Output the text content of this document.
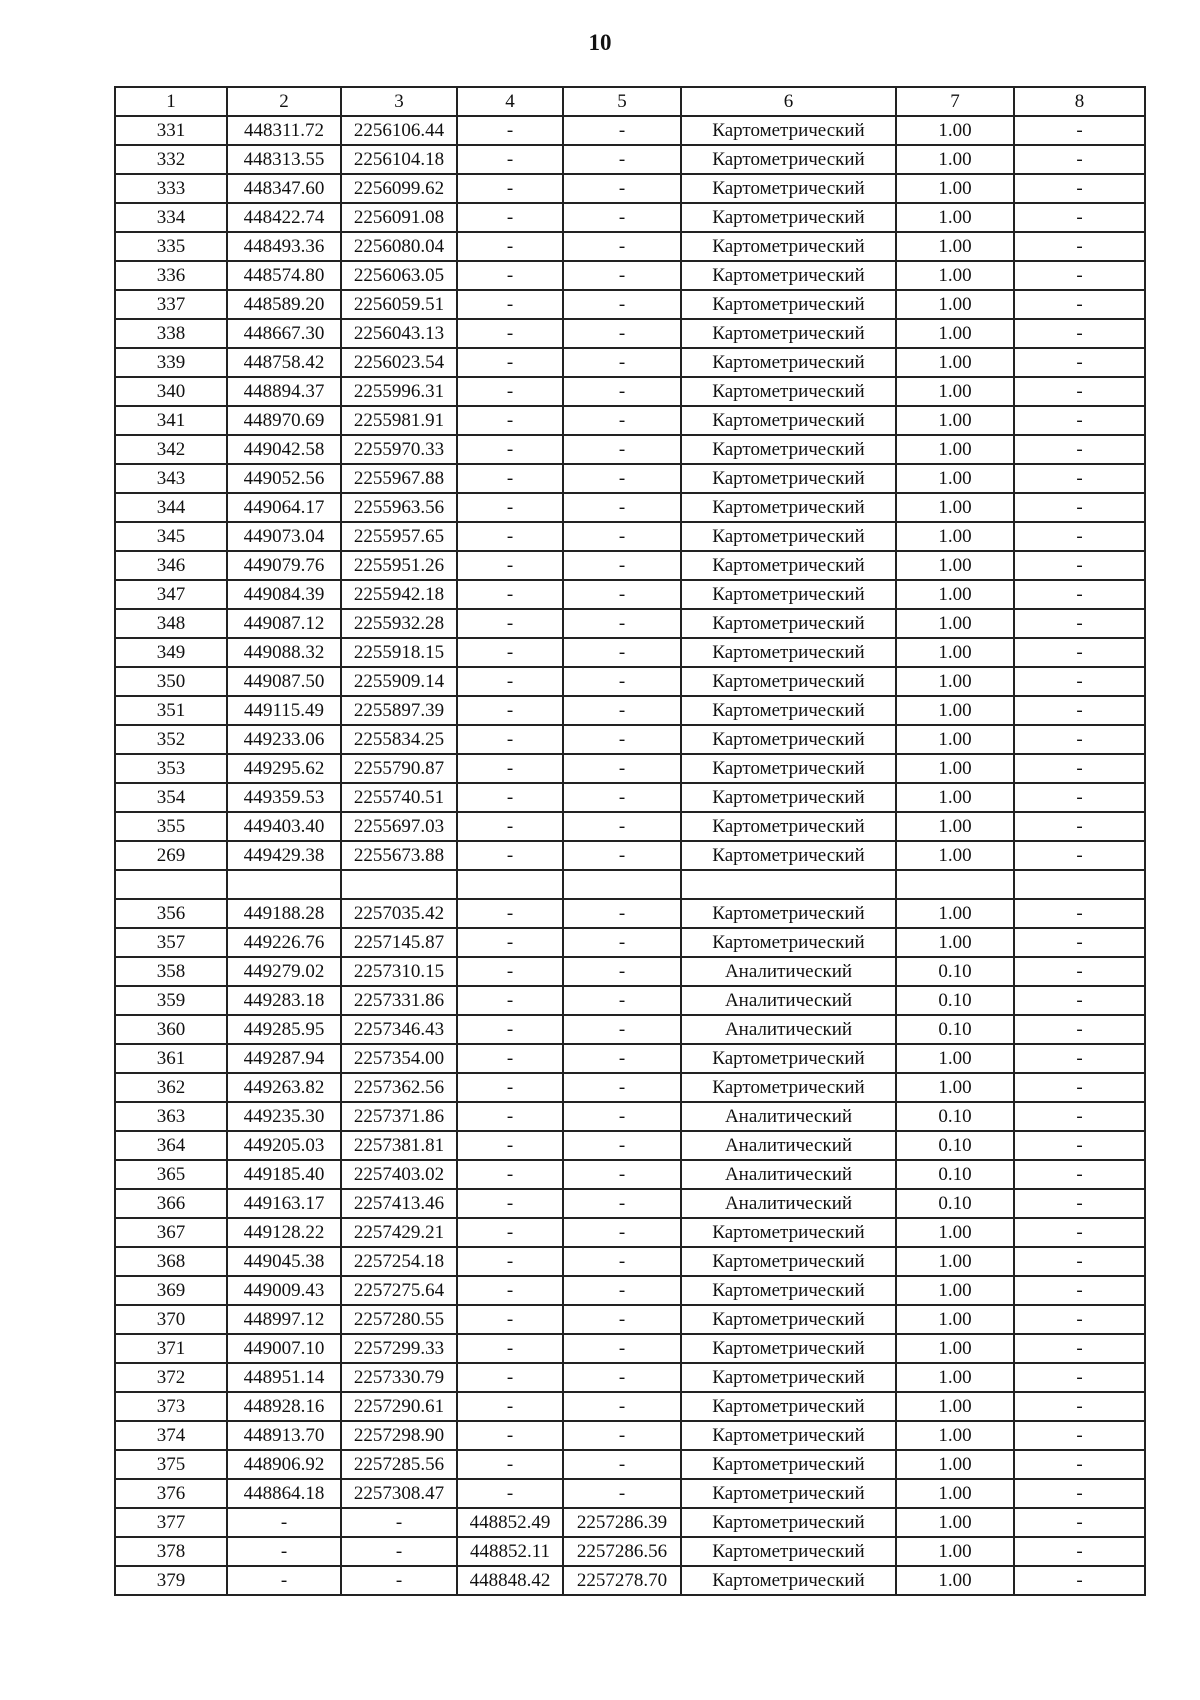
10
1	2	3	4	5	6	7	8
331	448311.72	2256106.44	-	-	Картометрический	1.00	-
332	448313.55	2256104.18	-	-	Картометрический	1.00	-
333	448347.60	2256099.62	-	-	Картометрический	1.00	-
334	448422.74	2256091.08	-	-	Картометрический	1.00	-
335	448493.36	2256080.04	-	-	Картометрический	1.00	-
336	448574.80	2256063.05	-	-	Картометрический	1.00	-
337	448589.20	2256059.51	-	-	Картометрический	1.00	-
338	448667.30	2256043.13	-	-	Картометрический	1.00	-
339	448758.42	2256023.54	-	-	Картометрический	1.00	-
340	448894.37	2255996.31	-	-	Картометрический	1.00	-
341	448970.69	2255981.91	-	-	Картометрический	1.00	-
342	449042.58	2255970.33	-	-	Картометрический	1.00	-
343	449052.56	2255967.88	-	-	Картометрический	1.00	-
344	449064.17	2255963.56	-	-	Картометрический	1.00	-
345	449073.04	2255957.65	-	-	Картометрический	1.00	-
346	449079.76	2255951.26	-	-	Картометрический	1.00	-
347	449084.39	2255942.18	-	-	Картометрический	1.00	-
348	449087.12	2255932.28	-	-	Картометрический	1.00	-
349	449088.32	2255918.15	-	-	Картометрический	1.00	-
350	449087.50	2255909.14	-	-	Картометрический	1.00	-
351	449115.49	2255897.39	-	-	Картометрический	1.00	-
352	449233.06	2255834.25	-	-	Картометрический	1.00	-
353	449295.62	2255790.87	-	-	Картометрический	1.00	-
354	449359.53	2255740.51	-	-	Картометрический	1.00	-
355	449403.40	2255697.03	-	-	Картометрический	1.00	-
269	449429.38	2255673.88	-	-	Картометрический	1.00	-

356	449188.28	2257035.42	-	-	Картометрический	1.00	-
357	449226.76	2257145.87	-	-	Картометрический	1.00	-
358	449279.02	2257310.15	-	-	Аналитический	0.10	-
359	449283.18	2257331.86	-	-	Аналитический	0.10	-
360	449285.95	2257346.43	-	-	Аналитический	0.10	-
361	449287.94	2257354.00	-	-	Картометрический	1.00	-
362	449263.82	2257362.56	-	-	Картометрический	1.00	-
363	449235.30	2257371.86	-	-	Аналитический	0.10	-
364	449205.03	2257381.81	-	-	Аналитический	0.10	-
365	449185.40	2257403.02	-	-	Аналитический	0.10	-
366	449163.17	2257413.46	-	-	Аналитический	0.10	-
367	449128.22	2257429.21	-	-	Картометрический	1.00	-
368	449045.38	2257254.18	-	-	Картометрический	1.00	-
369	449009.43	2257275.64	-	-	Картометрический	1.00	-
370	448997.12	2257280.55	-	-	Картометрический	1.00	-
371	449007.10	2257299.33	-	-	Картометрический	1.00	-
372	448951.14	2257330.79	-	-	Картометрический	1.00	-
373	448928.16	2257290.61	-	-	Картометрический	1.00	-
374	448913.70	2257298.90	-	-	Картометрический	1.00	-
375	448906.92	2257285.56	-	-	Картометрический	1.00	-
376	448864.18	2257308.47	-	-	Картометрический	1.00	-
377	-	-	448852.49	2257286.39	Картометрический	1.00	-
378	-	-	448852.11	2257286.56	Картометрический	1.00	-
379	-	-	448848.42	2257278.70	Картометрический	1.00	-
